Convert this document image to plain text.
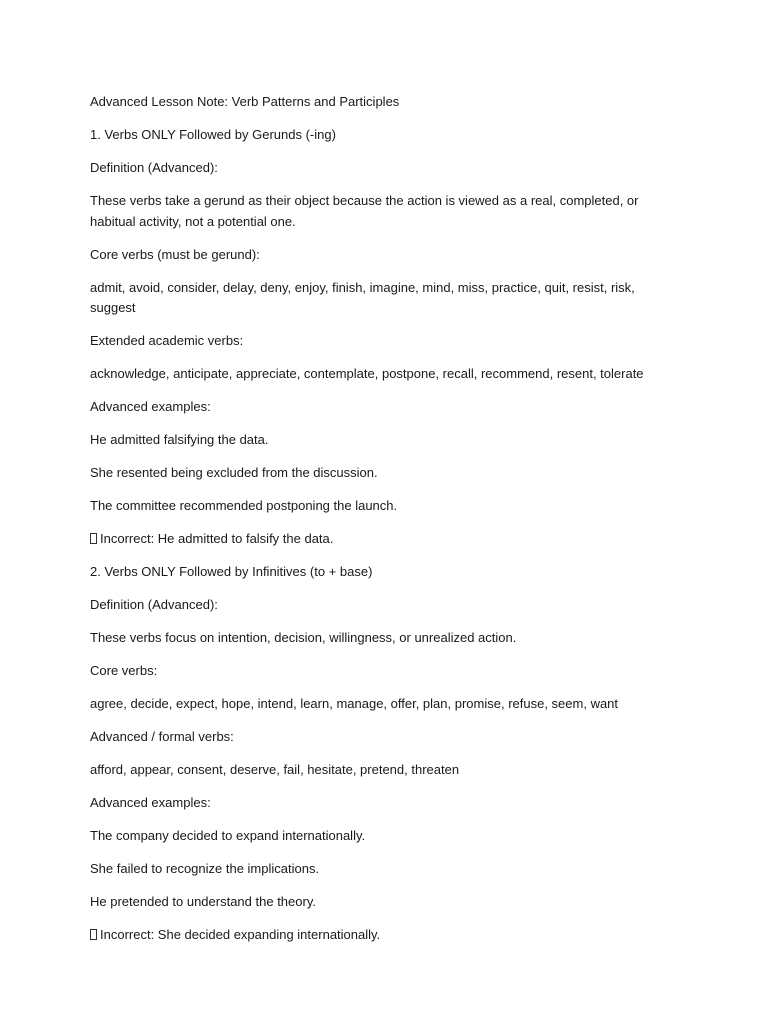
Advanced Lesson Note: Verb Patterns and Participles

1. Verbs ONLY Followed by Gerunds (-ing)

Definition (Advanced):

These verbs take a gerund as their object because the action is viewed as a real, completed, or habitual activity, not a potential one.

Core verbs (must be gerund):

admit, avoid, consider, delay, deny, enjoy, finish, imagine, mind, miss, practice, quit, resist, risk, suggest

Extended academic verbs:

acknowledge, anticipate, appreciate, contemplate, postpone, recall, recommend, resent, tolerate

Advanced examples:

He admitted falsifying the data.

She resented being excluded from the discussion.

The committee recommended postponing the launch.

Incorrect: He admitted to falsify the data.

2. Verbs ONLY Followed by Infinitives (to + base)

Definition (Advanced):

These verbs focus on intention, decision, willingness, or unrealized action.

Core verbs:

agree, decide, expect, hope, intend, learn, manage, offer, plan, promise, refuse, seem, want

Advanced / formal verbs:

afford, appear, consent, deserve, fail, hesitate, pretend, threaten

Advanced examples:

The company decided to expand internationally.

She failed to recognize the implications.

He pretended to understand the theory.

Incorrect: She decided expanding internationally.
